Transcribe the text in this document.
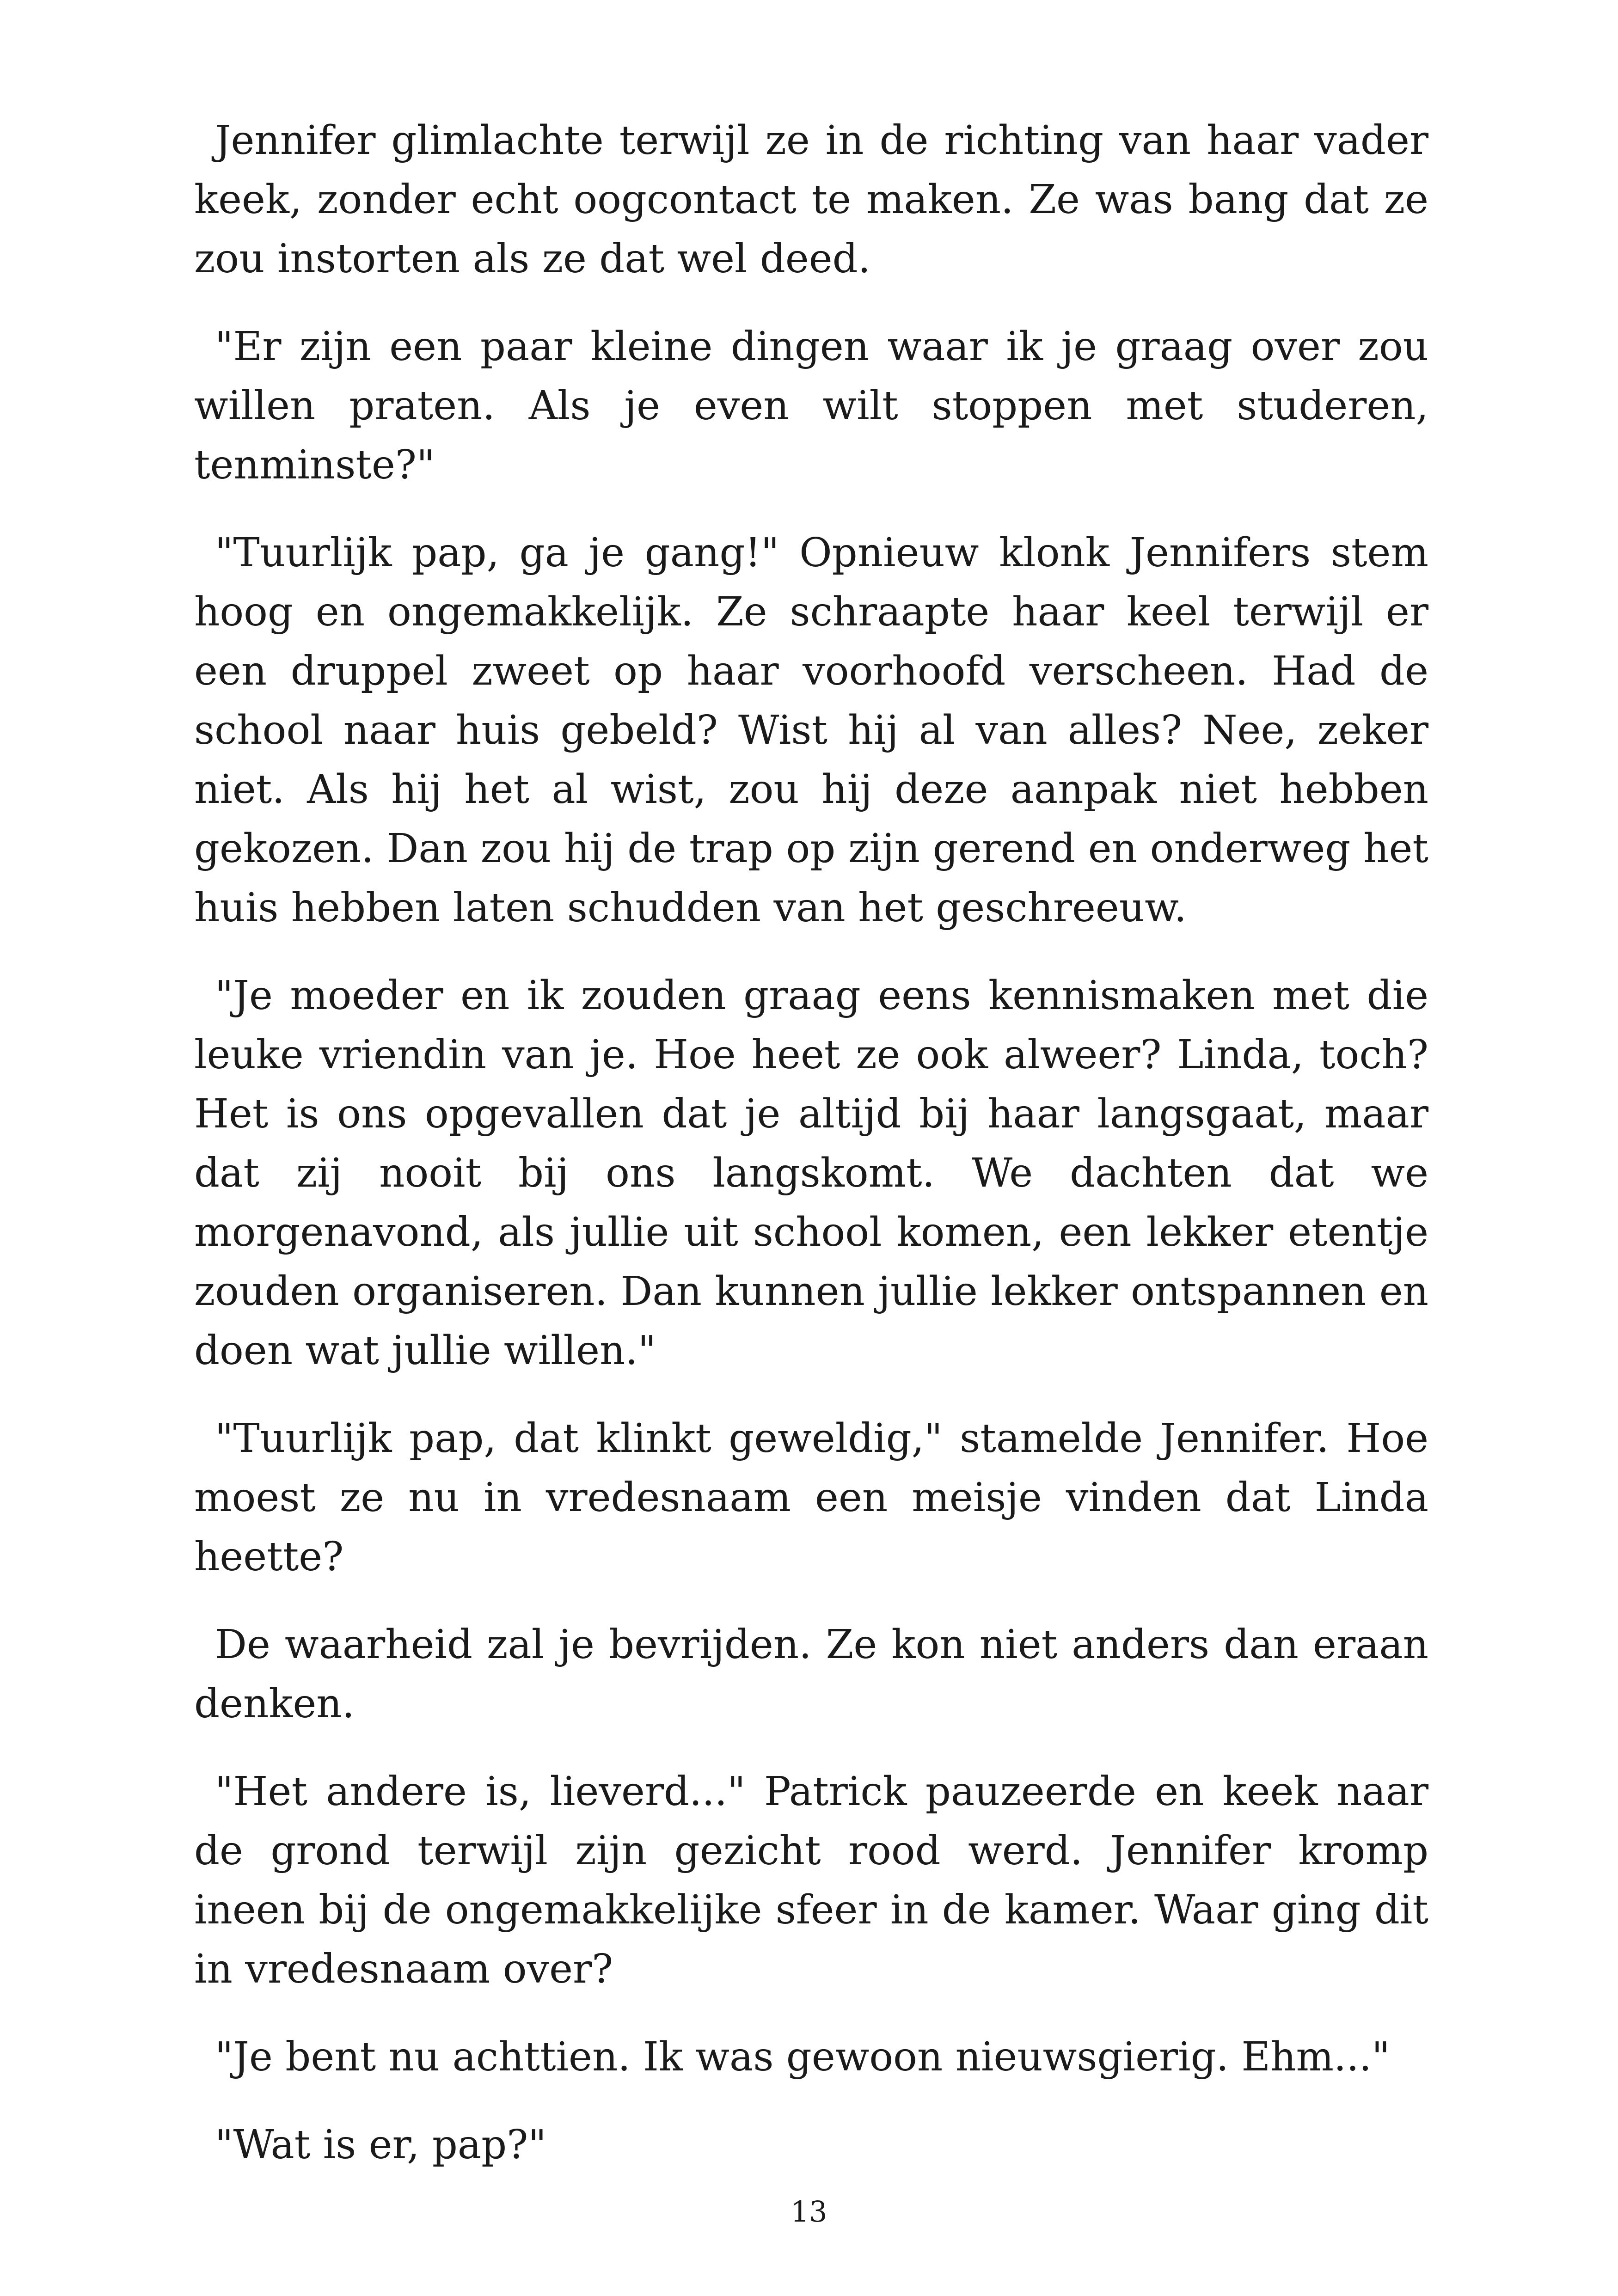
Jennifer glimlachte terwijl ze in de richting van haar vader keek, zonder echt oogcontact te maken. Ze was bang dat ze zou instorten als ze dat wel deed.

"Er zijn een paar kleine dingen waar ik je graag over zou willen praten. Als je even wilt stoppen met studeren, tenminste?"

"Tuurlijk pap, ga je gang!" Opnieuw klonk Jennifers stem hoog en ongemakkelijk. Ze schraapte haar keel terwijl er een druppel zweet op haar voorhoofd verscheen. Had de school naar huis gebeld? Wist hij al van alles? Nee, zeker niet. Als hij het al wist, zou hij deze aanpak niet hebben gekozen. Dan zou hij de trap op zijn gerend en onderweg het huis hebben laten schudden van het geschreeuw.

"Je moeder en ik zouden graag eens kennismaken met die leuke vriendin van je. Hoe heet ze ook alweer? Linda, toch? Het is ons opgevallen dat je altijd bij haar langsgaat, maar dat zij nooit bij ons langskomt. We dachten dat we morgenavond, als jullie uit school komen, een lekker etentje zouden organiseren. Dan kunnen jullie lekker ontspannen en doen wat jullie willen."

"Tuurlijk pap, dat klinkt geweldig," stamelde Jennifer. Hoe moest ze nu in vredesnaam een meisje vinden dat Linda heette?

De waarheid zal je bevrijden. Ze kon niet anders dan eraan denken.

"Het andere is, lieverd..." Patrick pauzeerde en keek naar de grond terwijl zijn gezicht rood werd. Jennifer kromp ineen bij de ongemakkelijke sfeer in de kamer. Waar ging dit in vredesnaam over?

"Je bent nu achttien. Ik was gewoon nieuwsgierig. Ehm..."

"Wat is er, pap?"

13
